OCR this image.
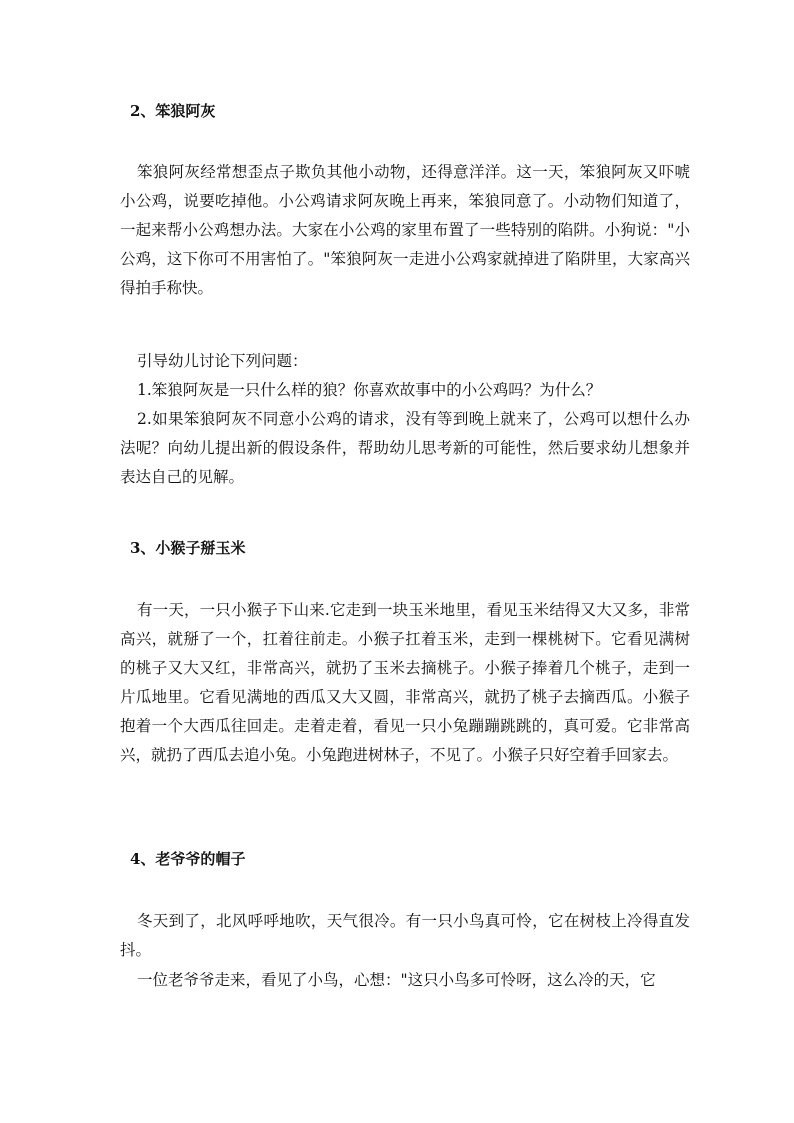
2、笨狼阿灰

笨狼阿灰经常想歪点子欺负其他小动物，还得意洋洋。这一天，笨狼阿灰又吓唬小公鸡，说要吃掉他。小公鸡请求阿灰晚上再来，笨狼同意了。小动物们知道了，一起来帮小公鸡想办法。大家在小公鸡的家里布置了一些特别的陷阱。小狗说："小公鸡，这下你可不用害怕了。"笨狼阿灰一走进小公鸡家就掉进了陷阱里，大家高兴得拍手称快。

引导幼儿讨论下列问题：
1.笨狼阿灰是一只什么样的狼？你喜欢故事中的小公鸡吗？为什么？

2.如果笨狼阿灰不同意小公鸡的请求，没有等到晚上就来了，公鸡可以想什么办法呢？向幼儿提出新的假设条件，帮助幼儿思考新的可能性，然后要求幼儿想象并表达自己的见解。

3、小猴子掰玉米

有一天，一只小猴子下山来.它走到一块玉米地里，看见玉米结得又大又多，非常高兴，就掰了一个，扛着往前走。小猴子扛着玉米，走到一棵桃树下。它看见满树的桃子又大又红，非常高兴，就扔了玉米去摘桃子。小猴子捧着几个桃子，走到一片瓜地里。它看见满地的西瓜又大又圆，非常高兴，就扔了桃子去摘西瓜。小猴子抱着一个大西瓜往回走。走着走着，看见一只小兔蹦蹦跳跳的，真可爱。它非常高兴，就扔了西瓜去追小兔。小兔跑进树林子，不见了。小猴子只好空着手回家去。

4、老爷爷的帽子

冬天到了，北风呼呼地吹，天气很冷。有一只小鸟真可怜，它在树枝上冷得直发抖。

一位老爷爷走来，看见了小鸟，心想："这只小鸟多可怜呀，这么冷的天，它
